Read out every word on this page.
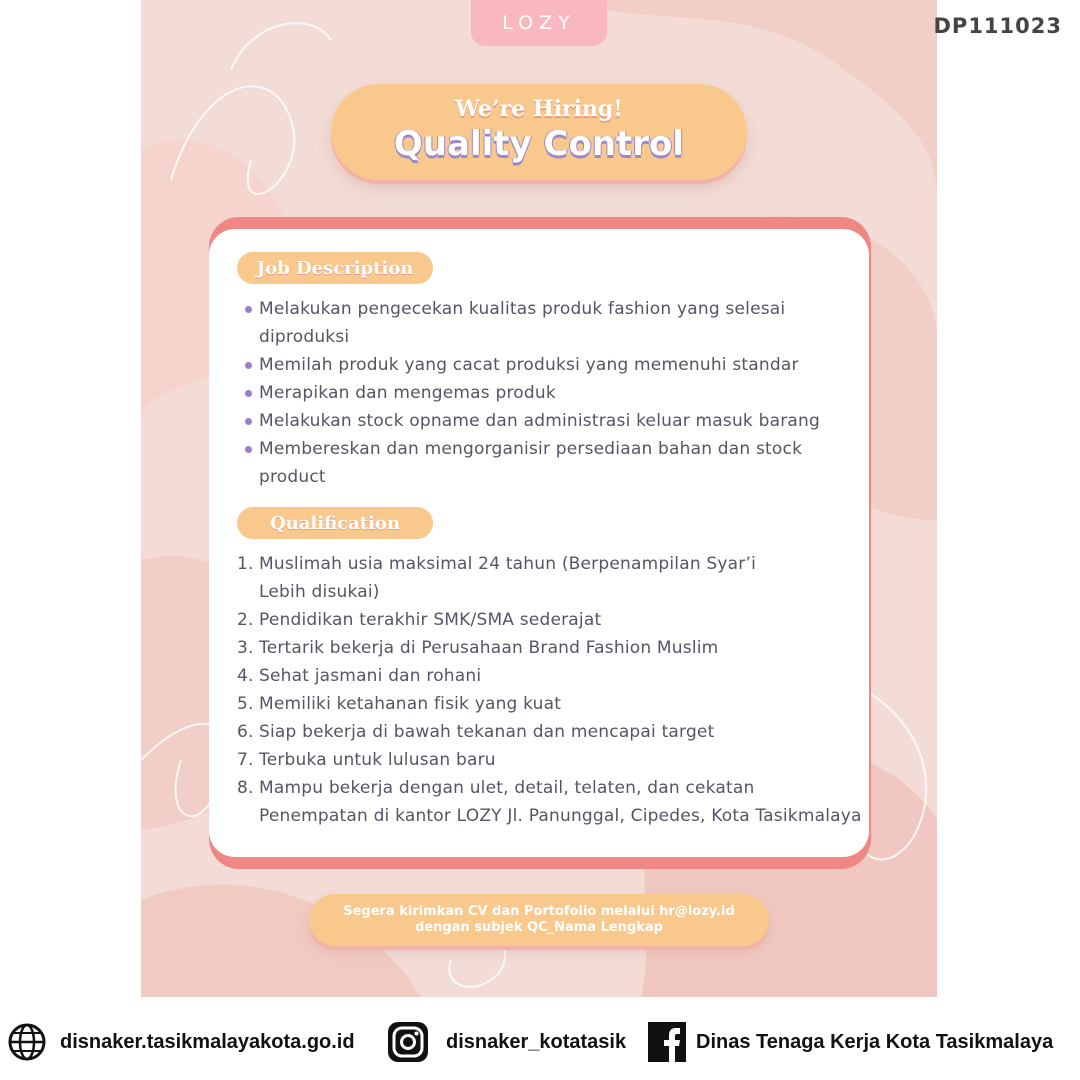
LOZY
We’re Hiring!
Quality Control
Job Description
Melakukan pengecekan kualitas produk fashion yang selesai
diproduksi
Memilah produk yang cacat produksi yang memenuhi standar
Merapikan dan mengemas produk
Melakukan stock opname dan administrasi keluar masuk barang
Membereskan dan mengorganisir persediaan bahan dan stock
product
Qualification
1. Muslimah usia maksimal 24 tahun (Berpenampilan Syar’i
Lebih disukai)
2. Pendidikan terakhir SMK/SMA sederajat
3. Tertarik bekerja di Perusahaan Brand Fashion Muslim
4. Sehat jasmani dan rohani
5. Memiliki ketahanan fisik yang kuat
6. Siap bekerja di bawah tekanan dan mencapai target
7. Terbuka untuk lulusan baru
8. Mampu bekerja dengan ulet, detail, telaten, dan cekatan
Penempatan di kantor LOZY Jl. Panunggal, Cipedes, Kota Tasikmalaya
Segera kirimkan CV dan Portofolio melalui hr@lozy.id
dengan subjek QC_Nama Lengkap
DP111023
disnaker.tasikmalayakota.go.id	disnaker_kotatasik	Dinas Tenaga Kerja Kota Tasikmalaya
